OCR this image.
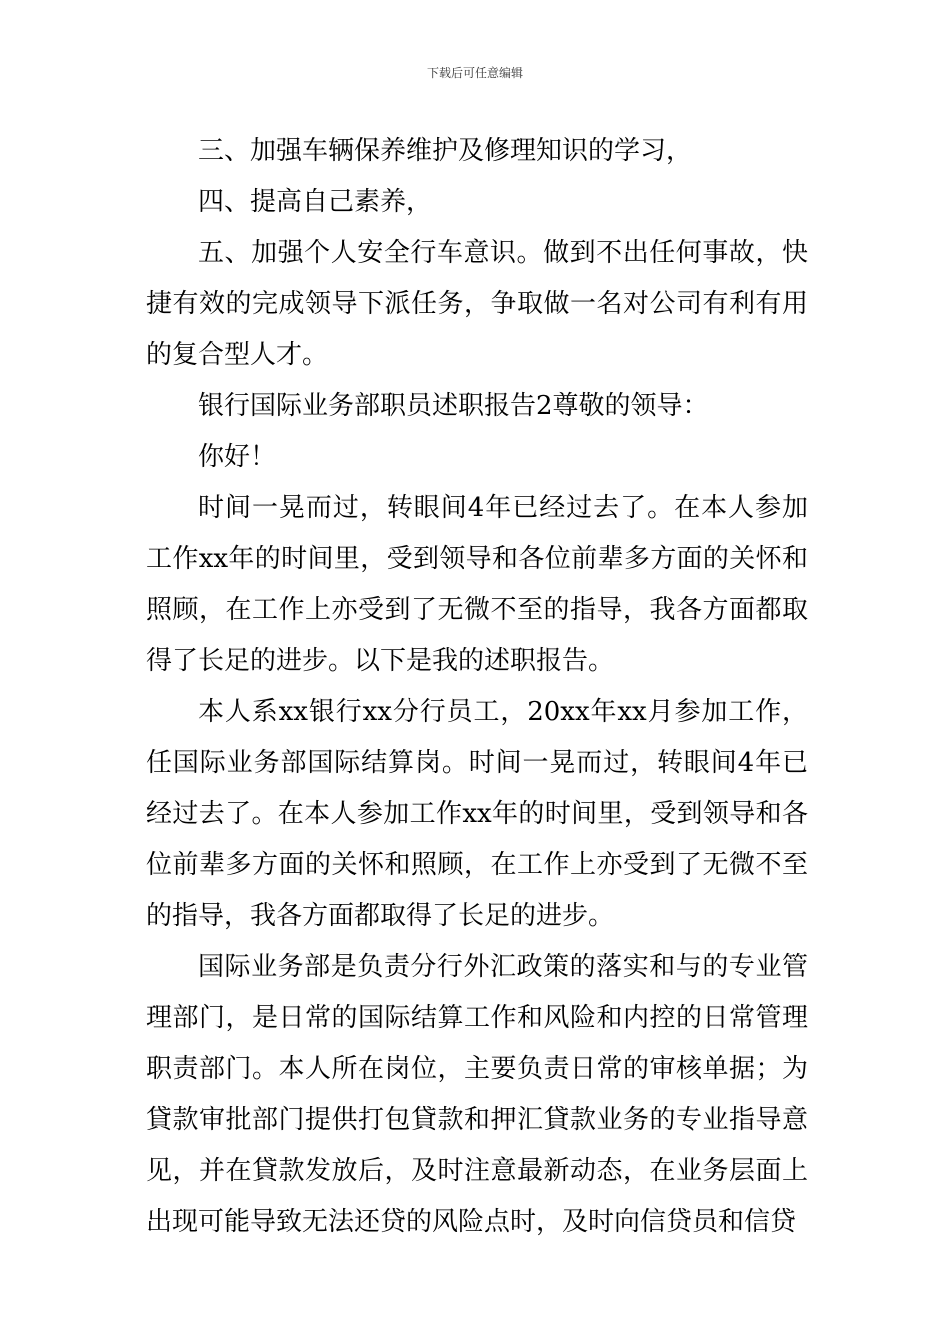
下载后可任意编辑

三、加强车辆保养维护及修理知识的学习，

四、提高自己素养，

五、加强个人安全行车意识。做到不出任何事故，快捷有效的完成领导下派任务，争取做一名对公司有利有用的复合型人才。

银行国际业务部职员述职报告2尊敬的领导：

你好！

时间一晃而过，转眼间4年已经过去了。在本人参加工作xx年的时间里，受到领导和各位前辈多方面的关怀和照顾，在工作上亦受到了无微不至的指导，我各方面都取得了长足的进步。以下是我的述职报告。

本人系xx银行xx分行员工，20xx年xx月参加工作，任国际业务部国际结算岗。时间一晃而过，转眼间4年已经过去了。在本人参加工作xx年的时间里，受到领导和各位前辈多方面的关怀和照顾，在工作上亦受到了无微不至的指导，我各方面都取得了长足的进步。

国际业务部是负责分行外汇政策的落实和与的专业管理部门，是日常的国际结算工作和风险和内控的日常管理职责部门。本人所在岗位，主要负责日常的审核单据；为貸款审批部门提供打包貸款和押汇貸款业务的专业指导意见，并在貸款发放后，及时注意最新动态，在业务层面上出现可能导致无法还贷的风险点时，及时向信贷员和信贷
